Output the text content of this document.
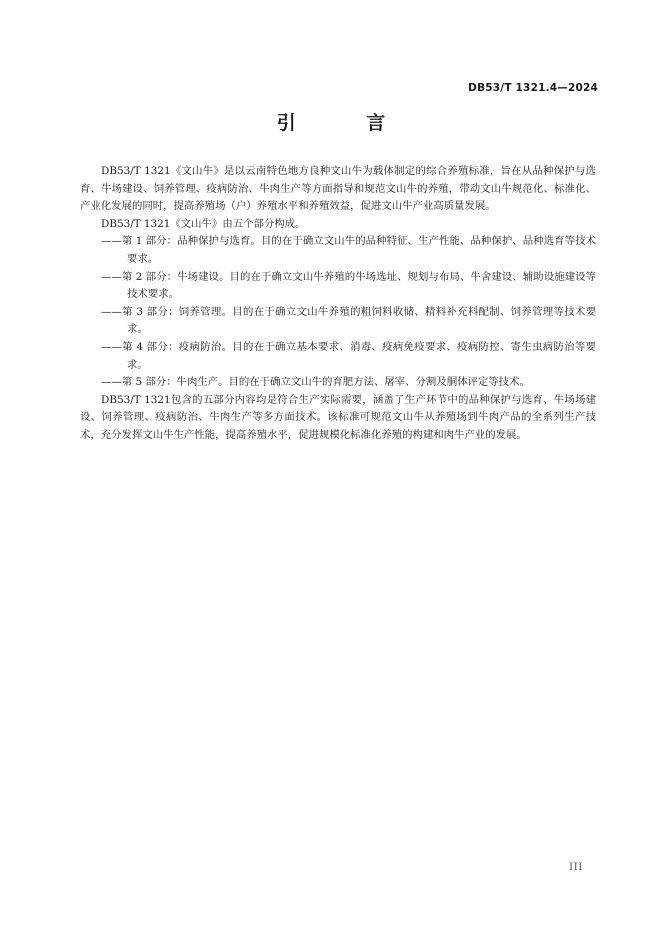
DB53/T 1321.4—2024
引 言

DB53/T 1321《文山牛》是以云南特色地方良种文山牛为载体制定的综合养殖标准，旨在从品种保护与选育、牛场建设、饲养管理、疫病防治、牛肉生产等方面指导和规范文山牛的养殖，带动文山牛规范化、标准化、产业化发展的同时，提高养殖场（户）养殖水平和养殖效益，促进文山牛产业高质量发展。

DB53/T 1321《文山牛》由五个部分构成。

——第 1 部分：品种保护与选育。目的在于确立文山牛的品种特征、生产性能、品种保护、品种选育等技术要求。

——第 2 部分：牛场建设。目的在于确立文山牛养殖的牛场选址、规划与布局、牛舍建设、辅助设施建设等技术要求。

——第 3 部分：饲养管理。目的在于确立文山牛养殖的粗饲料收储、精料补充料配制、饲养管理等技术要求。

——第 4 部分：疫病防治。目的在于确立基本要求、消毒、疫病免疫要求、疫病防控、寄生虫病防治等要求。

——第 5 部分：牛肉生产。目的在于确立文山牛的育肥方法、屠宰、分割及胴体评定等技术。

DB53/T 1321包含的五部分内容均是符合生产实际需要，涵盖了生产环节中的品种保护与选育、牛场场建设、饲养管理、疫病防治、牛肉生产等多方面技术。该标准可规范文山牛从养殖场到牛肉产品的全系列生产技术，充分发挥文山牛生产性能，提高养殖水平，促进规模化标准化养殖的构建和肉牛产业的发展。

III
